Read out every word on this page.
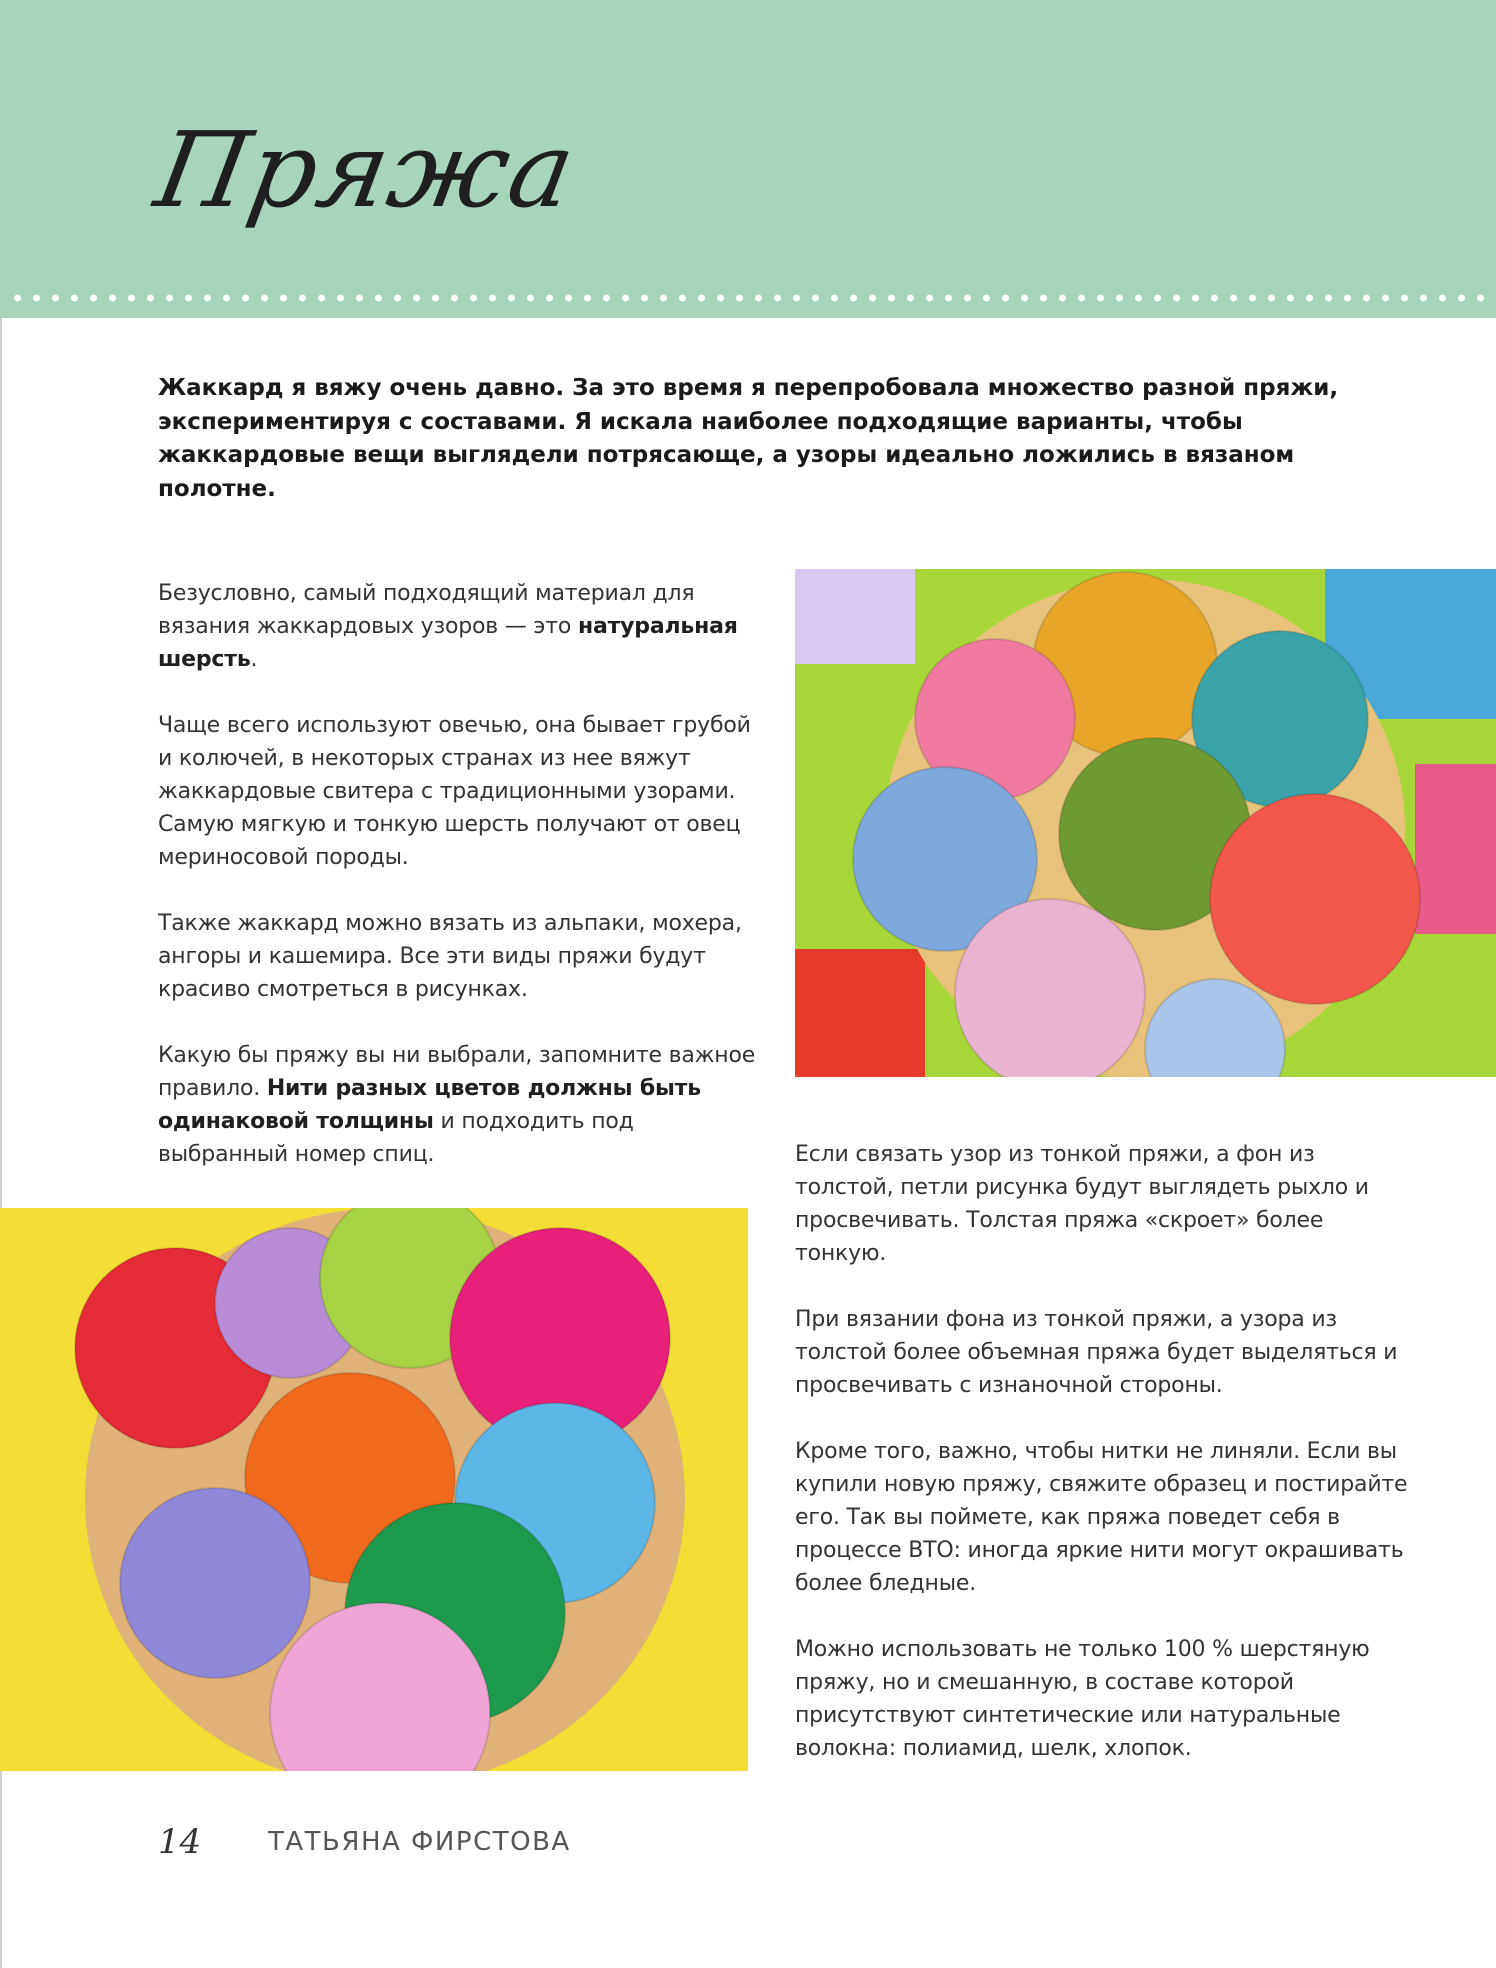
Пряжа
Жаккард я вяжу очень давно. За это время я перепробовала множество разной пряжи, экспериментируя с составами. Я искала наиболее подходящие варианты, чтобы жаккардовые вещи выглядели потрясающе, а узоры идеально ложились в вязаном полотне.

Безусловно, самый подходящий материал для вязания жаккардовых узоров — это натуральная шерсть.

Чаще всего используют овечью, она бывает грубой и колючей, в некоторых странах из нее вяжут жаккардовые свитера с традиционными узорами. Самую мягкую и тонкую шерсть получают от овец мериносовой породы.

Также жаккард можно вязать из альпаки, мохера, ангоры и кашемира. Все эти виды пряжи будут красиво смотреться в рисунках.

Какую бы пряжу вы ни выбрали, запомните важное правило. Нити разных цветов должны быть одинаковой толщины и подходить под выбранный номер спиц.	Если связать узор из тонкой пряжи, а фон из толстой, петли рисунка будут выглядеть рыхло и просвечивать. Толстая пряжа «скроет» более тонкую.

При вязании фона из тонкой пряжи, а узора из толстой более объемная пряжа будет выделяться и просвечивать с изнаночной стороны.

Кроме того, важно, чтобы нитки не линяли. Если вы купили новую пряжу, свяжите образец и постирайте его. Так вы поймете, как пряжа поведет себя в процессе ВТО: иногда яркие нити могут окрашивать более бледные.

Можно использовать не только 100 % шерстяную пряжу, но и смешанную, в составе которой присутствуют синтетические или натуральные волокна: полиамид, шелк, хлопок.

14	ТАТЬЯНА ФИРСТОВА
